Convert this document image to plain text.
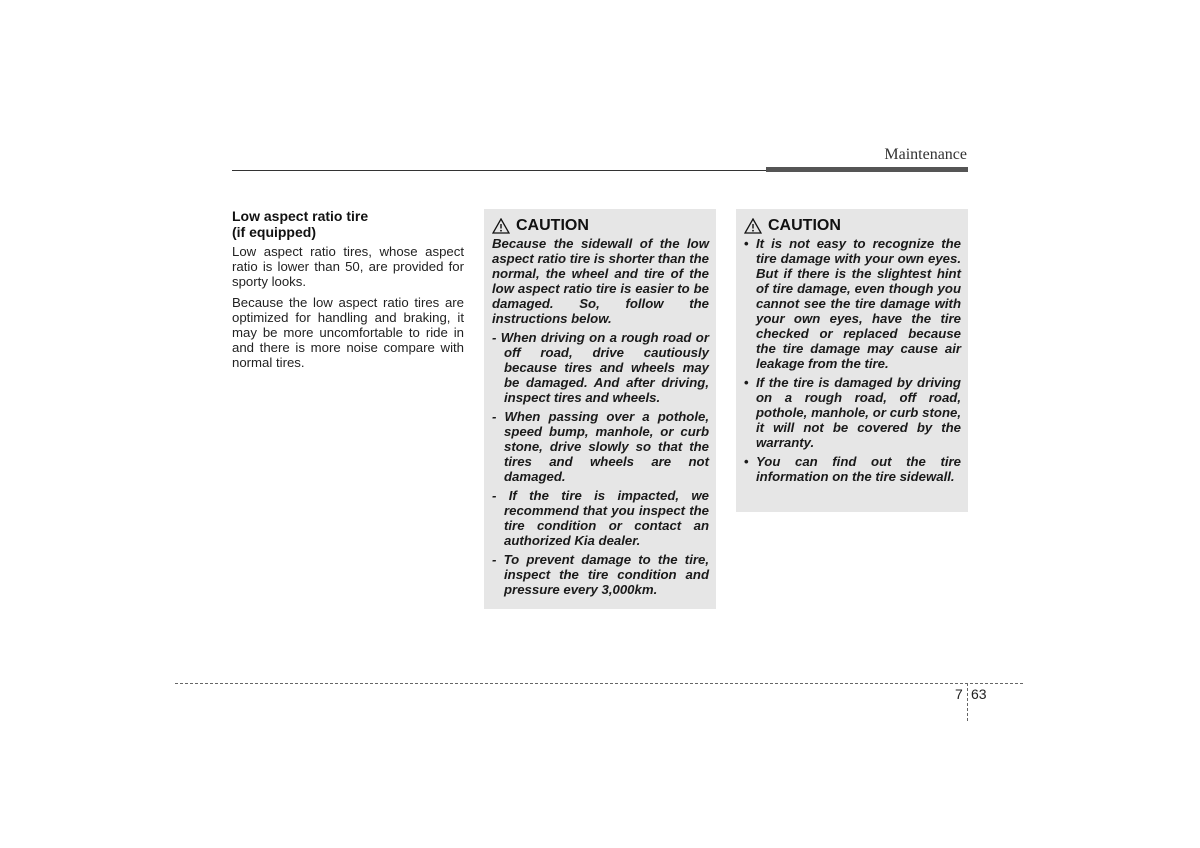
Maintenance
Low aspect ratio tire
(if equipped)

Low aspect ratio tires, whose aspect ratio is lower than 50, are provided for sporty looks.

Because the low aspect ratio tires are optimized for handling and braking, it may be more uncomfortable to ride in and there is more noise compare with normal tires.

CAUTION

Because the sidewall of the low aspect ratio tire is shorter than the normal, the wheel and tire of the low aspect ratio tire is easier to be damaged. So, follow the instructions below.

- When driving on a rough road or off road, drive cautiously because tires and wheels may be damaged. And after driving, inspect tires and wheels.

- When passing over a pothole, speed bump, manhole, or curb stone, drive slowly so that the tires and wheels are not damaged.

- If the tire is impacted, we recommend that you inspect the tire condition or contact an authorized Kia dealer.

- To prevent damage to the tire, inspect the tire condition and pressure every 3,000km.

CAUTION

• It is not easy to recognize the tire damage with your own eyes. But if there is the slightest hint of tire damage, even though you cannot see the tire damage with your own eyes, have the tire checked or replaced because the tire damage may cause air leakage from the tire.

• If the tire is damaged by driving on a rough road, off road, pothole, manhole, or curb stone, it will not be covered by the warranty.

• You can find out the tire information on the tire sidewall.

7 63
